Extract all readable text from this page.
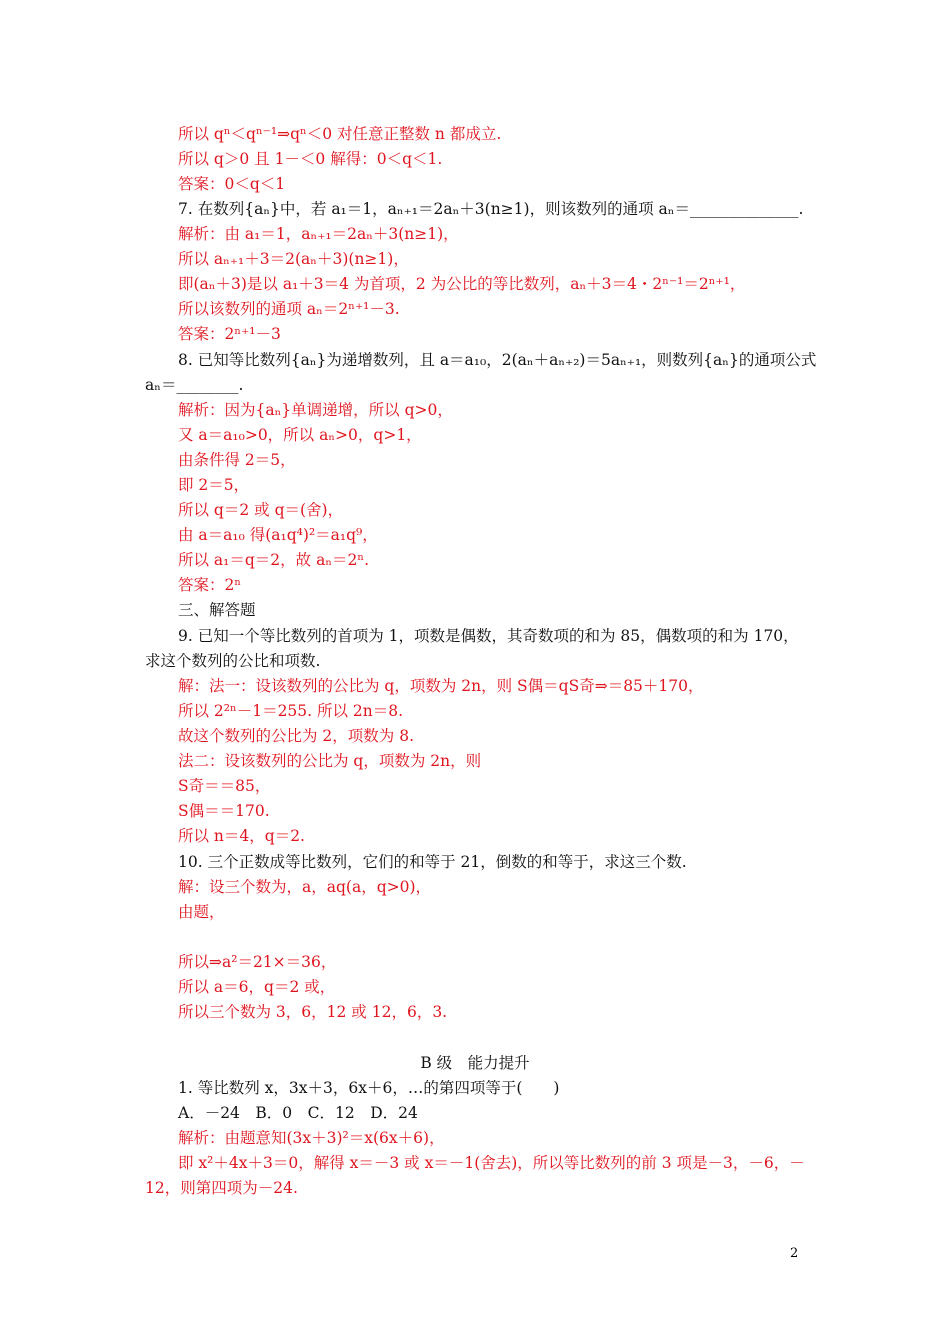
所以 qⁿ＜qⁿ⁻¹⇒qⁿ＜0 对任意正整数 n 都成立.
所以 q＞0 且 1－＜0 解得：0＜q＜1.
答案：0＜q＜1
7. 在数列{aₙ}中，若 a₁＝1，aₙ₊₁＝2aₙ＋3(n≥1)，则该数列的通项 aₙ＝______________.
解析：由 a₁＝1，aₙ₊₁＝2aₙ＋3(n≥1)，
所以 aₙ₊₁＋3＝2(aₙ＋3)(n≥1)，
即(aₙ＋3)是以 a₁＋3＝4 为首项，2 为公比的等比数列，aₙ＋3＝4・2ⁿ⁻¹＝2ⁿ⁺¹，
所以该数列的通项 aₙ＝2ⁿ⁺¹－3.
答案：2ⁿ⁺¹－3
8. 已知等比数列{aₙ}为递增数列，且 a＝a₁₀，2(aₙ＋aₙ₊₂)＝5aₙ₊₁，则数列{aₙ}的通项公式
aₙ＝________.
解析：因为{aₙ}单调递增，所以 q>0，
又 a＝a₁₀>0，所以 aₙ>0，q>1，
由条件得 2＝5，
即 2＝5，
所以 q＝2 或 q＝(舍)，
由 a＝a₁₀ 得(a₁q⁴)²＝a₁q⁹，
所以 a₁＝q＝2，故 aₙ＝2ⁿ.
答案：2ⁿ
三、解答题
9. 已知一个等比数列的首项为 1，项数是偶数，其奇数项的和为 85，偶数项的和为 170，
求这个数列的公比和项数.
解：法一：设该数列的公比为 q，项数为 2n，则 S偶＝qS奇⇒＝85＋170，
所以 2²ⁿ－1＝255. 所以 2n＝8.
故这个数列的公比为 2，项数为 8.
法二：设该数列的公比为 q，项数为 2n，则
S奇＝＝85，
S偶＝＝170.
所以 n＝4，q＝2.
10. 三个正数成等比数列，它们的和等于 21，倒数的和等于，求这三个数.
解：设三个数为，a，aq(a，q>0)，
由题，
所以⇒a²＝21×＝36，
所以 a＝6，q＝2 或，
所以三个数为 3，6，12 或 12，6，3.
B 级　能力提升
1. 等比数列 x，3x＋3，6x＋6，…的第四项等于(　　)
A．－24　B．0　C．12　D．24
解析：由题意知(3x＋3)²＝x(6x＋6)，
即 x²＋4x＋3＝0，解得 x＝－3 或 x＝－1(舍去)，所以等比数列的前 3 项是－3，－6，－
12，则第四项为－24.
2
